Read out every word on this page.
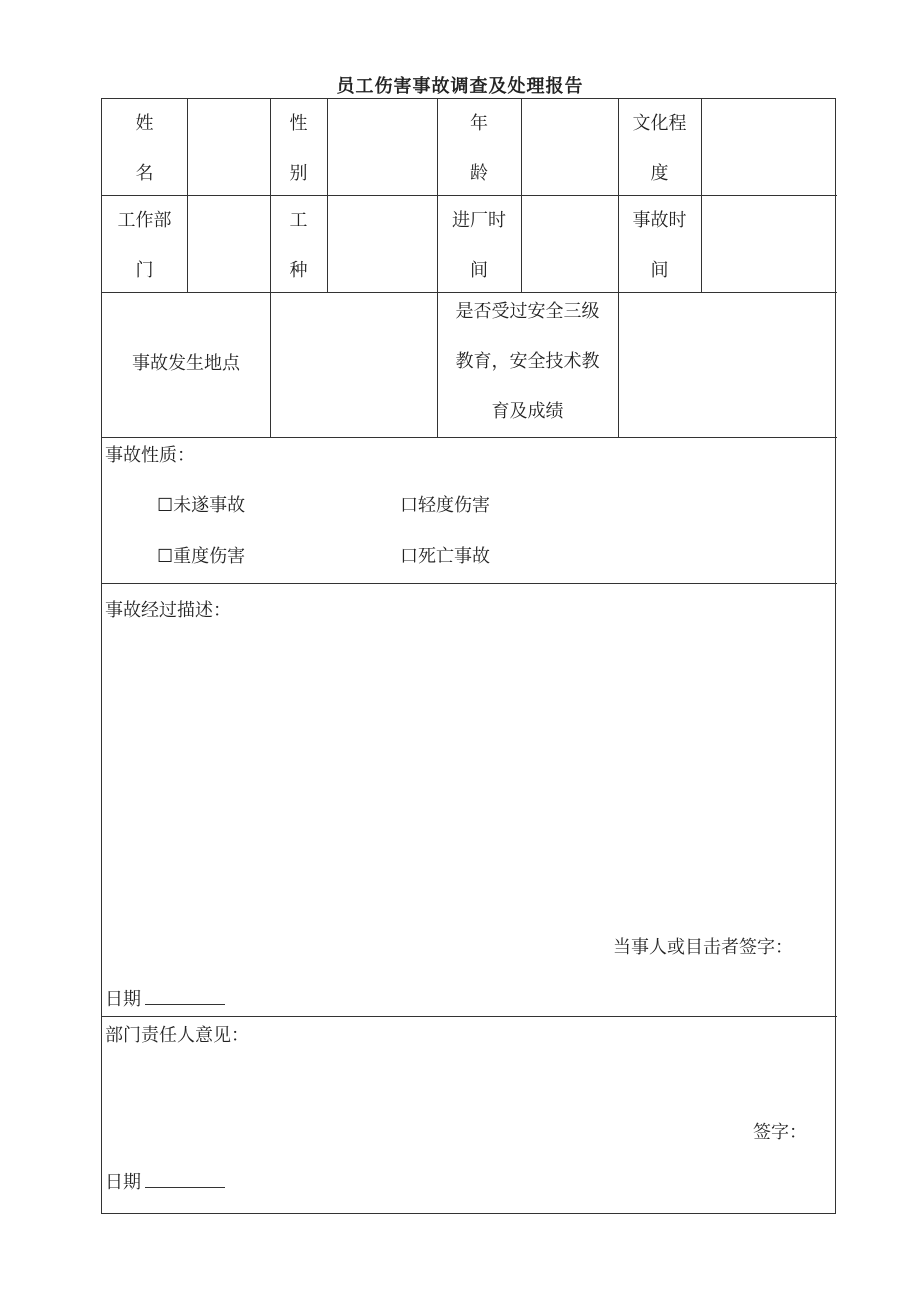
员工伤害事故调查及处理报告
姓
名
性
别
年
龄
文化程
度
工作部
门
工
种
进厂时
间
事故时
间
事故发生地点
是否受过安全三级
教育，安全技术教
育及成绩
事故性质：
☐未遂事故	口轻度伤害
☐重度伤害	口死亡事故
事故经过描述：
当事人或目击者签字：
日期
部门责任人意见：
签字：
日期
